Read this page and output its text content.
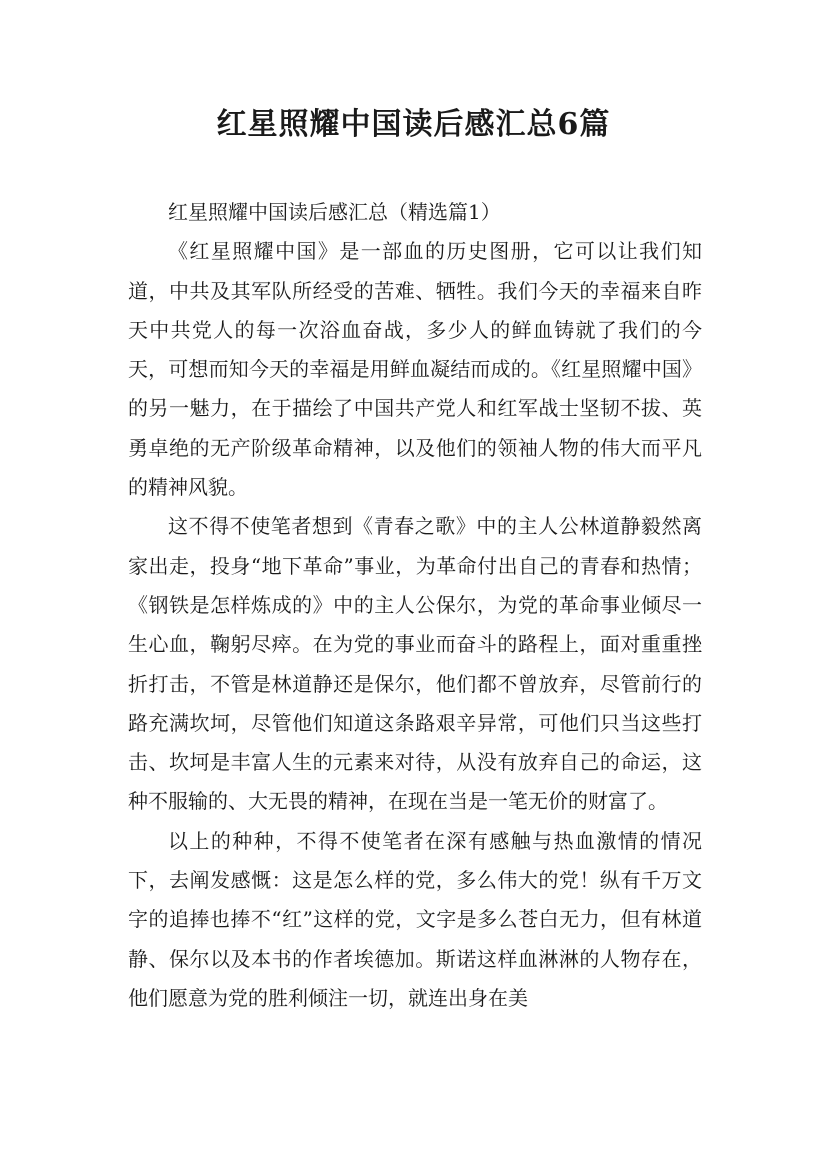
红星照耀中国读后感汇总6篇

红星照耀中国读后感汇总（精选篇1）

《红星照耀中国》是一部血的历史图册，它可以让我们知道，中共及其军队所经受的苦难、牺牲。我们今天的幸福来自昨天中共党人的每一次浴血奋战，多少人的鲜血铸就了我们的今天，可想而知今天的幸福是用鲜血凝结而成的。《红星照耀中国》的另一魅力，在于描绘了中国共产党人和红军战士坚韧不拔、英勇卓绝的无产阶级革命精神，以及他们的领袖人物的伟大而平凡的精神风貌。

这不得不使笔者想到《青春之歌》中的主人公林道静毅然离家出走，投身“地下革命”事业，为革命付出自己的青春和热情；《钢铁是怎样炼成的》中的主人公保尔，为党的革命事业倾尽一生心血，鞠躬尽瘁。在为党的事业而奋斗的路程上，面对重重挫折打击，不管是林道静还是保尔，他们都不曾放弃，尽管前行的路充满坎坷，尽管他们知道这条路艰辛异常，可他们只当这些打击、坎坷是丰富人生的元素来对待，从没有放弃自己的命运，这种不服输的、大无畏的精神，在现在当是一笔无价的财富了。

以上的种种，不得不使笔者在深有感触与热血激情的情况下，去阐发感慨：这是怎么样的党，多么伟大的党！纵有千万文字的追捧也捧不“红”这样的党，文字是多么苍白无力，但有林道静、保尔以及本书的作者埃德加。斯诺这样血淋淋的人物存在，他们愿意为党的胜利倾注一切，就连出身在美
